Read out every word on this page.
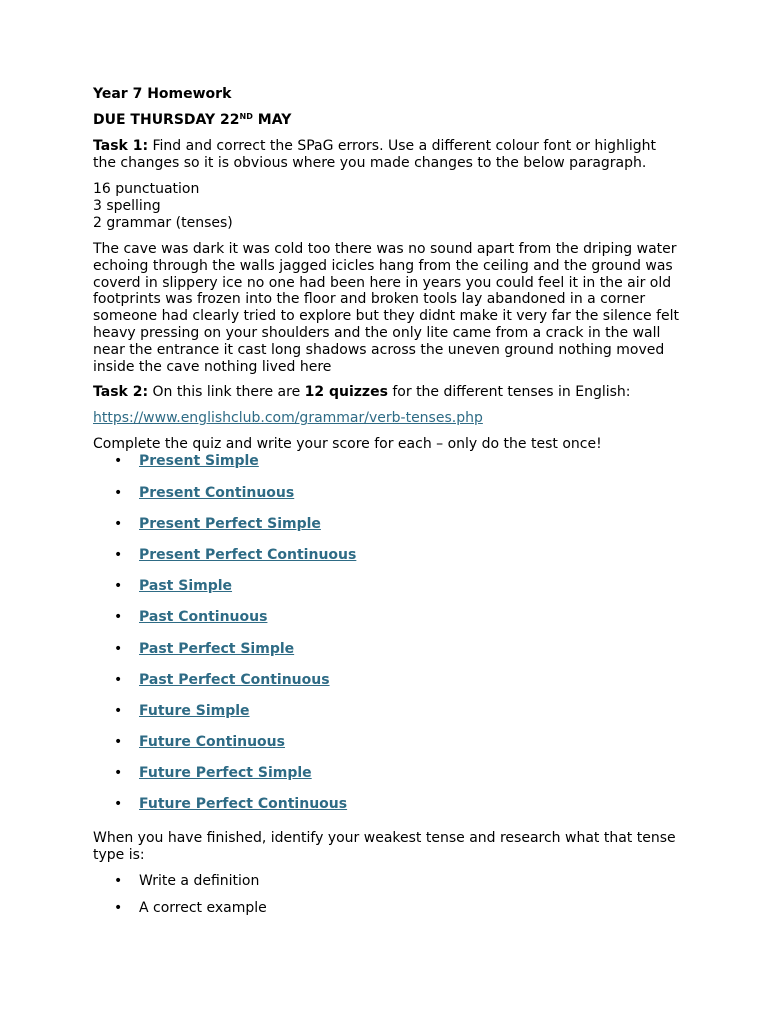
Year 7 Homework
DUE THURSDAY 22ND MAY

Task 1: Find and correct the SPaG errors. Use a different colour font or highlight the changes so it is obvious where you made changes to the below paragraph.

16 punctuation
3 spelling
2 grammar (tenses)

The cave was dark it was cold too there was no sound apart from the driping water echoing through the walls jagged icicles hang from the ceiling and the ground was coverd in slippery ice no one had been here in years you could feel it in the air old footprints was frozen into the floor and broken tools lay abandoned in a corner someone had clearly tried to explore but they didnt make it very far the silence felt heavy pressing on your shoulders and the only lite came from a crack in the wall near the entrance it cast long shadows across the uneven ground nothing moved inside the cave nothing lived here

Task 2: On this link there are 12 quizzes for the different tenses in English:

https://www.englishclub.com/grammar/verb-tenses.php

Complete the quiz and write your score for each – only do the test once!

• Present Simple
• Present Continuous
• Present Perfect Simple
• Present Perfect Continuous
• Past Simple
• Past Continuous
• Past Perfect Simple
• Past Perfect Continuous
• Future Simple
• Future Continuous
• Future Perfect Simple
• Future Perfect Continuous

When you have finished, identify your weakest tense and research what that tense type is:

• Write a definition
• A correct example
